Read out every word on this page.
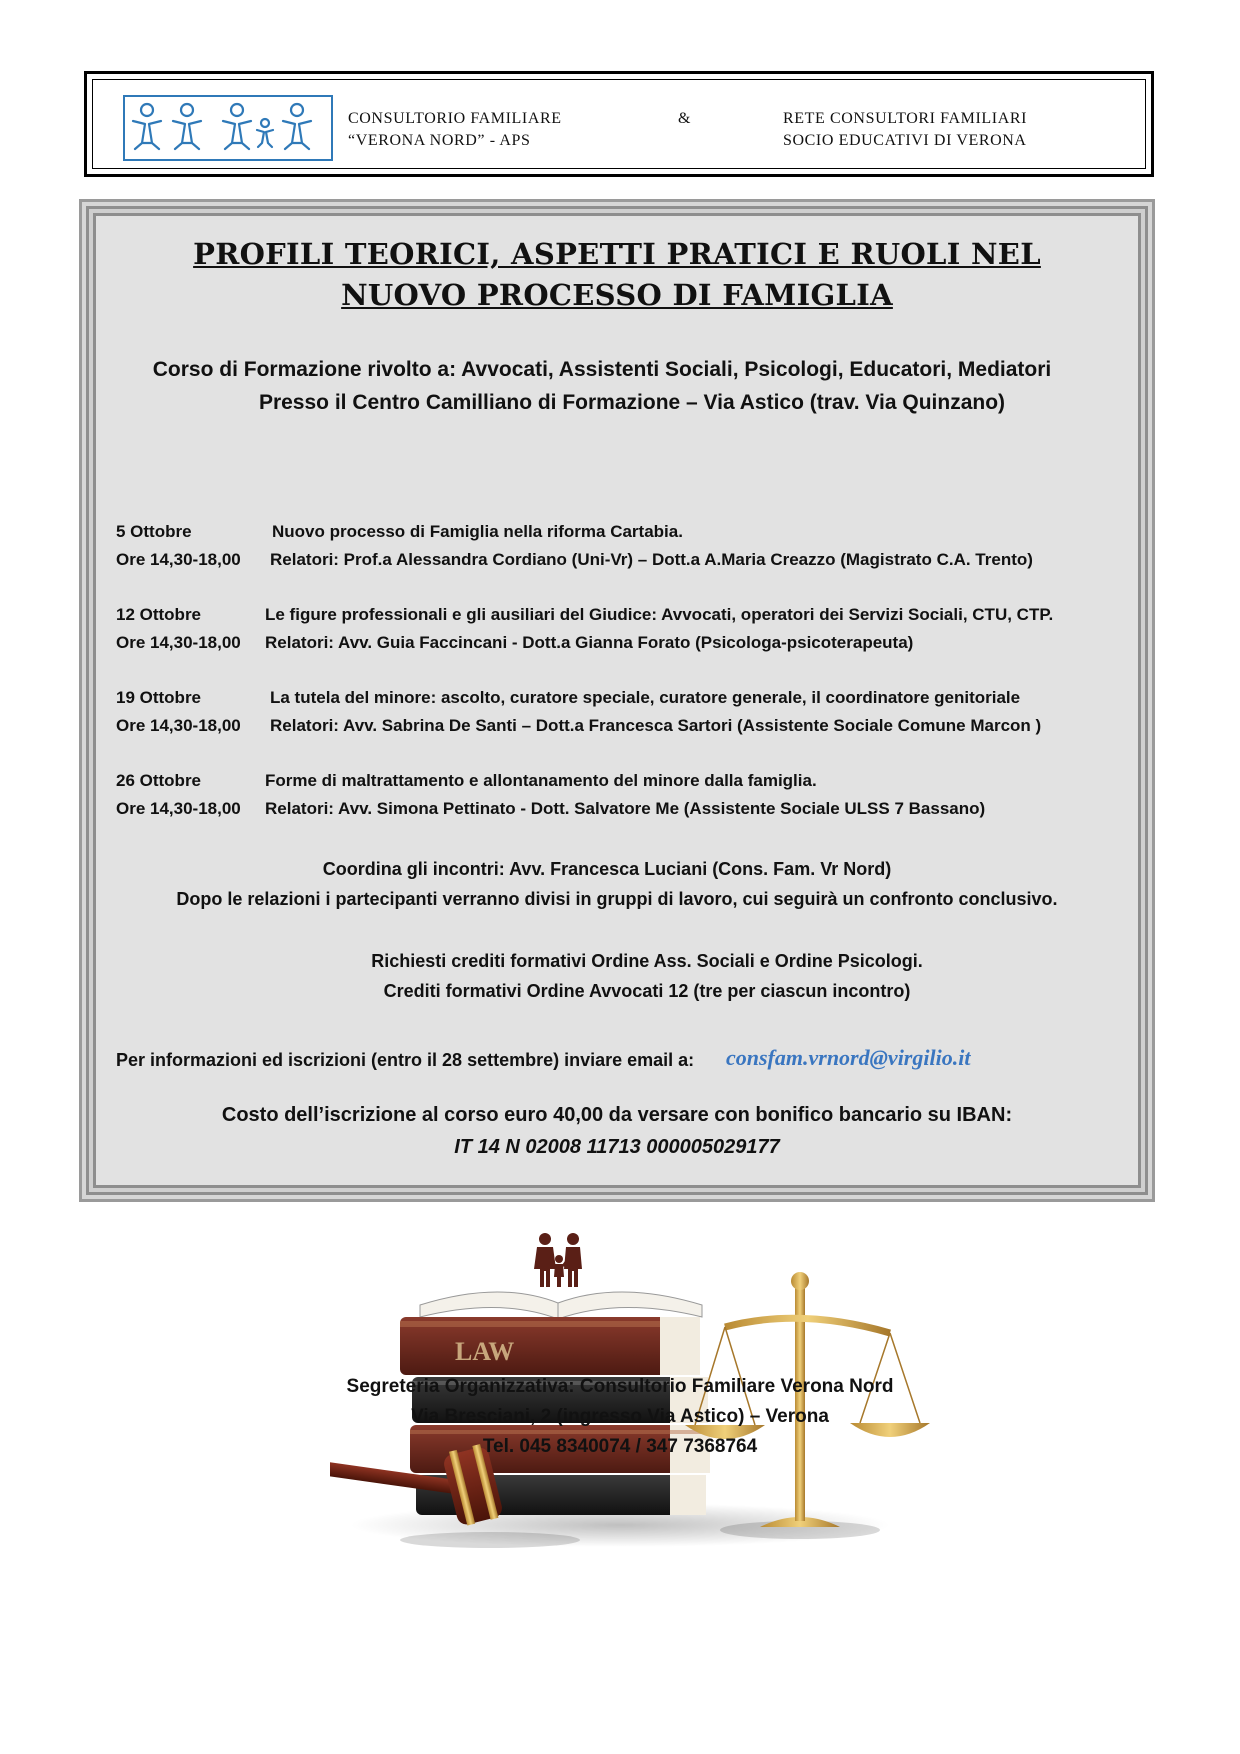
CONSULTORIO FAMILIARE
“VERONA NORD” - APS
&	RETE CONSULTORI FAMILIARI
SOCIO EDUCATIVI DI VERONA
PROFILI TEORICI, ASPETTI PRATICI E RUOLI NEL
NUOVO PROCESSO DI FAMIGLIA
Corso di Formazione rivolto a: Avvocati, Assistenti Sociali, Psicologi, Educatori, Mediatori
Presso il Centro Camilliano di Formazione – Via Astico (trav. Via Quinzano)
5 Ottobre	Nuovo processo di Famiglia nella riforma Cartabia.
Ore 14,30-18,00 Relatori: Prof.a Alessandra Cordiano (Uni-Vr) – Dott.a A.Maria Creazzo (Magistrato C.A. Trento)
12 Ottobre	Le figure professionali e gli ausiliari del Giudice: Avvocati, operatori dei Servizi Sociali, CTU, CTP.
Ore 14,30-18,00 Relatori: Avv. Guia Faccincani - Dott.a Gianna Forato (Psicologa-psicoterapeuta)
19 Ottobre	La tutela del minore: ascolto, curatore speciale, curatore generale, il coordinatore genitoriale
Ore 14,30-18,00 Relatori: Avv. Sabrina De Santi – Dott.a Francesca Sartori (Assistente Sociale Comune Marcon )
26 Ottobre	Forme di maltrattamento e allontanamento del minore dalla famiglia.
Ore 14,30-18,00 Relatori: Avv. Simona Pettinato - Dott. Salvatore Me (Assistente Sociale ULSS 7 Bassano)
Coordina gli incontri: Avv. Francesca Luciani (Cons. Fam. Vr Nord)
Dopo le relazioni i partecipanti verranno divisi in gruppi di lavoro, cui seguirà un confronto conclusivo.
Richiesti crediti formativi Ordine Ass. Sociali e Ordine Psicologi.
Crediti formativi Ordine Avvocati 12 (tre per ciascun incontro)
Per informazioni ed iscrizioni (entro il 28 settembre) inviare email a: consfam.vrnord@virgilio.it
Costo dell’iscrizione al corso euro 40,00 da versare con bonifico bancario su IBAN:
IT 14 N 02008 11713 000005029177
LAW
Segreteria Organizzativa: Consultorio Familiare Verona Nord
Via Bresciani, 2 (ingresso Via Astico) – Verona
Tel. 045 8340074 / 347 7368764
